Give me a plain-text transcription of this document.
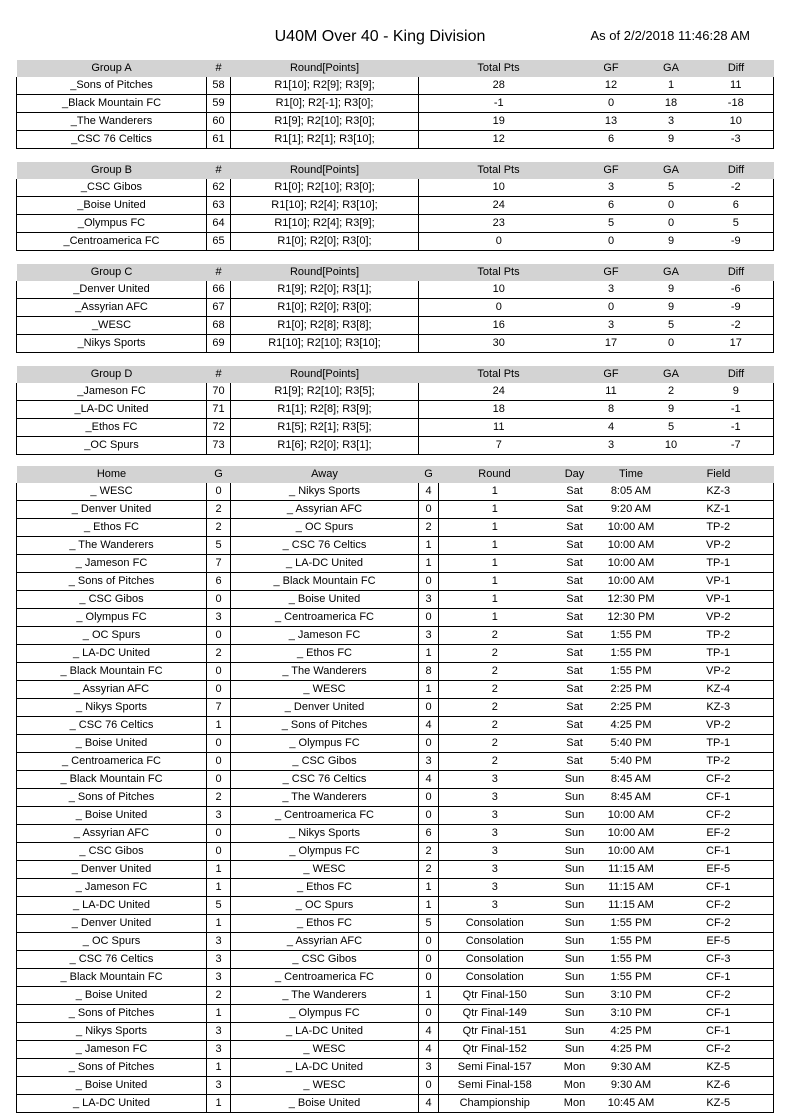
U40M Over 40 - King Division	As of 2/2/2018 11:46:28 AM
Group A	#	Round[Points]	Total Pts	GF	GA	Diff
_Sons of Pitches	58	R1[10]; R2[9]; R3[9];	28	12	1	11
_Black Mountain FC	59	R1[0]; R2[-1]; R3[0];	-1	0	18	-18
_The Wanderers	60	R1[9]; R2[10]; R3[0];	19	13	3	10
_CSC 76 Celtics	61	R1[1]; R2[1]; R3[10];	12	6	9	-3
Group B	#	Round[Points]	Total Pts	GF	GA	Diff
_CSC Gibos	62	R1[0]; R2[10]; R3[0];	10	3	5	-2
_Boise United	63	R1[10]; R2[4]; R3[10];	24	6	0	6
_Olympus FC	64	R1[10]; R2[4]; R3[9];	23	5	0	5
_Centroamerica FC	65	R1[0]; R2[0]; R3[0];	0	0	9	-9
Group C	#	Round[Points]	Total Pts	GF	GA	Diff
_Denver United	66	R1[9]; R2[0]; R3[1];	10	3	9	-6
_Assyrian AFC	67	R1[0]; R2[0]; R3[0];	0	0	9	-9
_WESC	68	R1[0]; R2[8]; R3[8];	16	3	5	-2
_Nikys Sports	69	R1[10]; R2[10]; R3[10];	30	17	0	17
Group D	#	Round[Points]	Total Pts	GF	GA	Diff
_Jameson FC	70	R1[9]; R2[10]; R3[5];	24	11	2	9
_LA-DC United	71	R1[1]; R2[8]; R3[9];	18	8	9	-1
_Ethos FC	72	R1[5]; R2[1]; R3[5];	11	4	5	-1
_OC Spurs	73	R1[6]; R2[0]; R3[1];	7	3	10	-7
Home	G	Away	G	Round	Day	Time	Field
_ WESC	0	_ Nikys Sports	4	1	Sat	8:05 AM	KZ-3
_ Denver United	2	_ Assyrian AFC	0	1	Sat	9:20 AM	KZ-1
_ Ethos FC	2	_ OC Spurs	2	1	Sat	10:00 AM	TP-2
_ The Wanderers	5	_ CSC 76 Celtics	1	1	Sat	10:00 AM	VP-2
_ Jameson FC	7	_ LA-DC United	1	1	Sat	10:00 AM	TP-1
_ Sons of Pitches	6	_ Black Mountain FC	0	1	Sat	10:00 AM	VP-1
_ CSC Gibos	0	_ Boise United	3	1	Sat	12:30 PM	VP-1
_ Olympus FC	3	_ Centroamerica FC	0	1	Sat	12:30 PM	VP-2
_ OC Spurs	0	_ Jameson FC	3	2	Sat	1:55 PM	TP-2
_ LA-DC United	2	_ Ethos FC	1	2	Sat	1:55 PM	TP-1
_ Black Mountain FC	0	_ The Wanderers	8	2	Sat	1:55 PM	VP-2
_ Assyrian AFC	0	_ WESC	1	2	Sat	2:25 PM	KZ-4
_ Nikys Sports	7	_ Denver United	0	2	Sat	2:25 PM	KZ-3
_ CSC 76 Celtics	1	_ Sons of Pitches	4	2	Sat	4:25 PM	VP-2
_ Boise United	0	_ Olympus FC	0	2	Sat	5:40 PM	TP-1
_ Centroamerica FC	0	_ CSC Gibos	3	2	Sat	5:40 PM	TP-2
_ Black Mountain FC	0	_ CSC 76 Celtics	4	3	Sun	8:45 AM	CF-2
_ Sons of Pitches	2	_ The Wanderers	0	3	Sun	8:45 AM	CF-1
_ Boise United	3	_ Centroamerica FC	0	3	Sun	10:00 AM	CF-2
_ Assyrian AFC	0	_ Nikys Sports	6	3	Sun	10:00 AM	EF-2
_ CSC Gibos	0	_ Olympus FC	2	3	Sun	10:00 AM	CF-1
_ Denver United	1	_ WESC	2	3	Sun	11:15 AM	EF-5
_ Jameson FC	1	_ Ethos FC	1	3	Sun	11:15 AM	CF-1
_ LA-DC United	5	_ OC Spurs	1	3	Sun	11:15 AM	CF-2
_ Denver United	1	_ Ethos FC	5	Consolation	Sun	1:55 PM	CF-2
_ OC Spurs	3	_ Assyrian AFC	0	Consolation	Sun	1:55 PM	EF-5
_ CSC 76 Celtics	3	_ CSC Gibos	0	Consolation	Sun	1:55 PM	CF-3
_ Black Mountain FC	3	_ Centroamerica FC	0	Consolation	Sun	1:55 PM	CF-1
_ Boise United	2	_ The Wanderers	1	Qtr Final-150	Sun	3:10 PM	CF-2
_ Sons of Pitches	1	_ Olympus FC	0	Qtr Final-149	Sun	3:10 PM	CF-1
_ Nikys Sports	3	_ LA-DC United	4	Qtr Final-151	Sun	4:25 PM	CF-1
_ Jameson FC	3	_ WESC	4	Qtr Final-152	Sun	4:25 PM	CF-2
_ Sons of Pitches	1	_ LA-DC United	3	Semi Final-157	Mon	9:30 AM	KZ-5
_ Boise United	3	_ WESC	0	Semi Final-158	Mon	9:30 AM	KZ-6
_ LA-DC United	1	_ Boise United	4	Championship	Mon	10:45 AM	KZ-5
